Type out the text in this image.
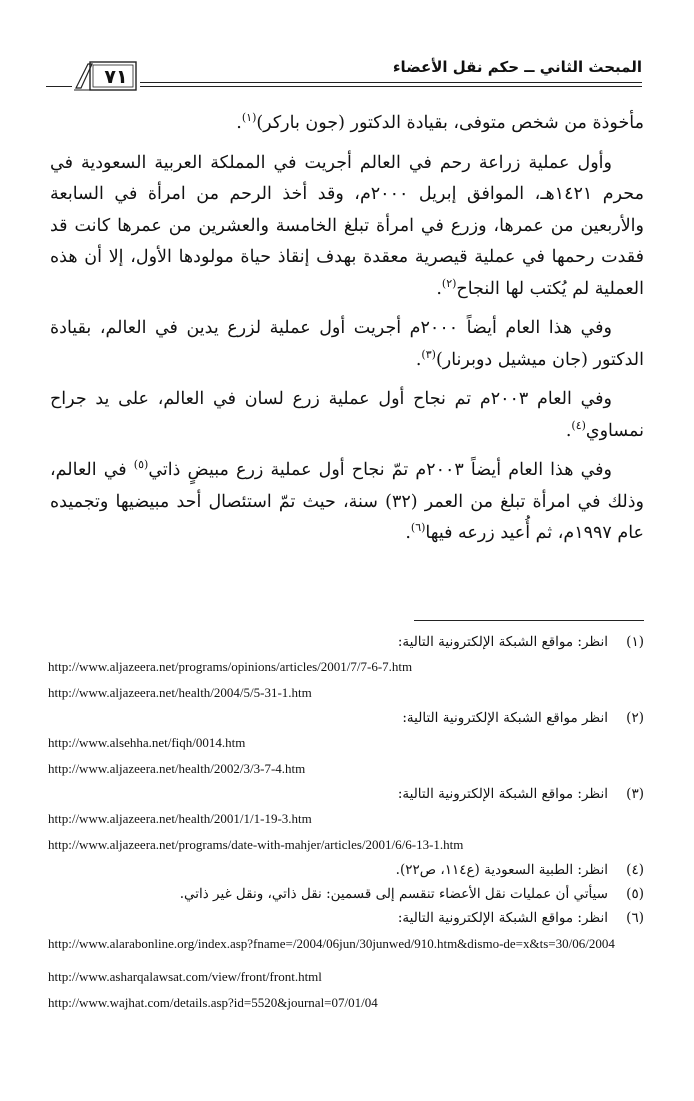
المبحث الثاني ــ حكم نقل الأعضاء
٧١

مأخوذة من شخص متوفى، بقيادة الدكتور (جون باركر)$^{(١)}$.

وأول عملية زراعة رحم في العالم أجريت في المملكة العربية السعودية في محرم ١٤٢١هـ، الموافق إبريل ٢٠٠٠م، وقد أخذ الرحم من امرأة في السابعة والأربعين من عمرها، وزرع في امرأة تبلغ الخامسة والعشرين من عمرها كانت قد فقدت رحمها في عملية قيصرية معقدة بهدف إنقاذ حياة مولودها الأول، إلا أن هذه العملية لم يُكتب لها النجاح$^{(٢)}$.

وفي هذا العام أيضاً ٢٠٠٠م أجريت أول عملية لزرع يدين في العالم، بقيادة الدكتور (جان ميشيل دوبرنار)$^{(٣)}$.

وفي العام ٢٠٠٣م تم نجاح أول عملية زرع لسان في العالم، على يد جراح نمساوي$^{(٤)}$.

وفي هذا العام أيضاً ٢٠٠٣م تمّ نجاح أول عملية زرع مبيضٍ ذاتي$^{(٥)}$ في العالم، وذلك في امرأة تبلغ من العمر (٣٢) سنة، حيث تمّ استئصال أحد مبيضيها وتجميده عام ١٩٩٧م، ثم أُعيد زرعه فيها$^{(٦)}$.

(١)انظر: مواقع الشبكة الإلكترونية التالية:
http://www.aljazeera.net/programs/opinions/articles/2001/7/7-6-7.htm
http://www.aljazeera.net/health/2004/5/5-31-1.htm
(٢)انظر مواقع الشبكة الإلكترونية التالية:
http://www.alsehha.net/fiqh/0014.htm
http://www.aljazeera.net/health/2002/3/3-7-4.htm
(٣)انظر: مواقع الشبكة الإلكترونية التالية:
http://www.aljazeera.net/health/2001/1/1-19-3.htm
http://www.aljazeera.net/programs/date-with-mahjer/articles/2001/6/6-13-1.htm
(٤)انظر: الطبية السعودية (ع١١٤، ص٢٢).
(٥)سيأتي أن عمليات نقل الأعضاء تنقسم إلى قسمين: نقل ذاتي، ونقل غير ذاتي.
(٦)انظر: مواقع الشبكة الإلكترونية التالية:
http://www.alarabonline.org/index.asp?fname=/2004/06jun/30junwed/910.htm&dismo-de=x&ts=30/06/2004
http://www.asharqalawsat.com/view/front/front.html
http://www.wajhat.com/details.asp?id=5520&journal=07/01/04
